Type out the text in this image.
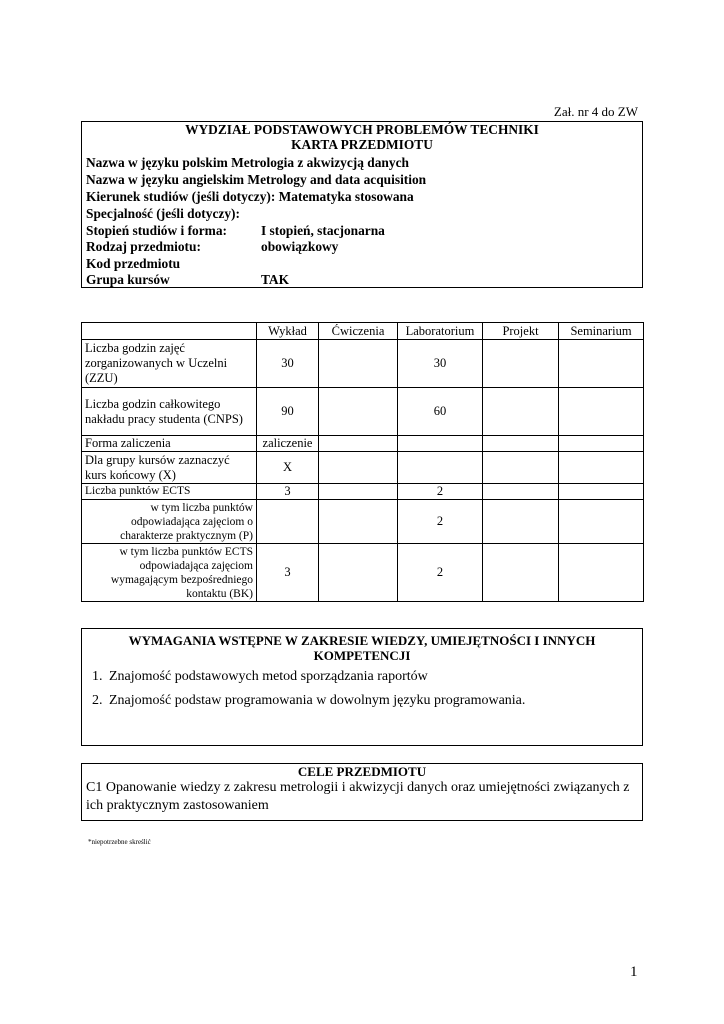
Zał. nr 4 do ZW
WYDZIAŁ PODSTAWOWYCH PROBLEMÓW TECHNIKI
KARTA PRZEDMIOTU
Nazwa w języku polskim Metrologia z akwizycją danych
Nazwa w języku angielskim Metrology and data acquisition
Kierunek studiów (jeśli dotyczy): Matematyka stosowana
Specjalność (jeśli dotyczy):
Stopień studiów i forma:	I stopień, stacjonarna
Rodzaj przedmiotu:	obowiązkowy
Kod przedmiotu
Grupa kursów	TAK
	Wykład	Ćwiczenia	Laboratorium	Projekt	Seminarium
Liczba godzin zajęć zorganizowanych w Uczelni (ZZU)	30		30		
Liczba godzin całkowitego nakładu pracy studenta (CNPS)	90		60		
Forma zaliczenia	zaliczenie				
Dla grupy kursów zaznaczyć kurs końcowy (X)	X				
Liczba punktów ECTS	3		2		
w tym liczba punktów odpowiadająca zajęciom o charakterze praktycznym (P)			2		
w tym liczba punktów ECTS odpowiadająca zajęciom wymagającym bezpośredniego kontaktu (BK)	3		2		
WYMAGANIA WSTĘPNE W ZAKRESIE WIEDZY, UMIEJĘTNOŚCI I INNYCH KOMPETENCJI
1. Znajomość podstawowych metod sporządzania raportów
2. Znajomość podstaw programowania w dowolnym języku programowania.
CELE PRZEDMIOTU
C1 Opanowanie wiedzy z zakresu metrologii i akwizycji danych oraz umiejętności związanych z ich praktycznym zastosowaniem
*niepotrzebne skreślić
1
